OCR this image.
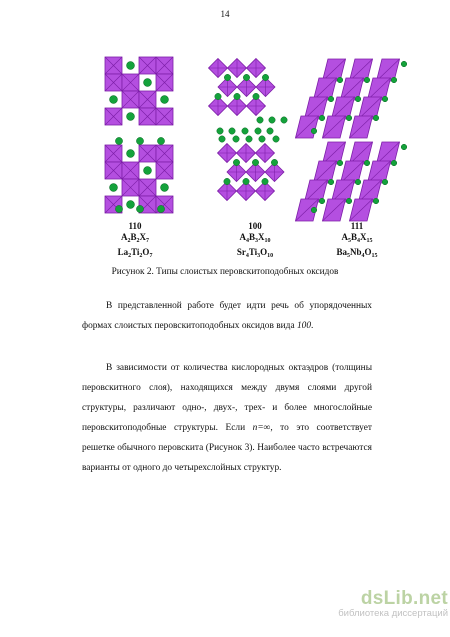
14
110
$A_2B_2X_7$
$La_2Ti_2O_7$
100
$A_4B_3X_{10}$
$Sr_4Ti_3O_{10}$
111
$A_5B_4X_{15}$
$Ba_5Nb_4O_{15}$
Рисунок 2. Типы слоистых перовскитоподобных оксидов

В представленной работе будет идти речь об упорядоченных формах слоистых перовскитоподобных оксидов вида 100.

В зависимости от количества кислородных октаэдров (толщины перовскитного слоя), находящихся между двумя слоями другой структуры, различают одно-, двух-, трех- и более многослойные перовскитоподобные структуры. Если n=∞, то это соответствует решетке обычного перовскита (Рисунок 3). Наиболее часто встречаются варианты от одного до четырехслойных структур.

dsLib.net
библиотека диссертаций
